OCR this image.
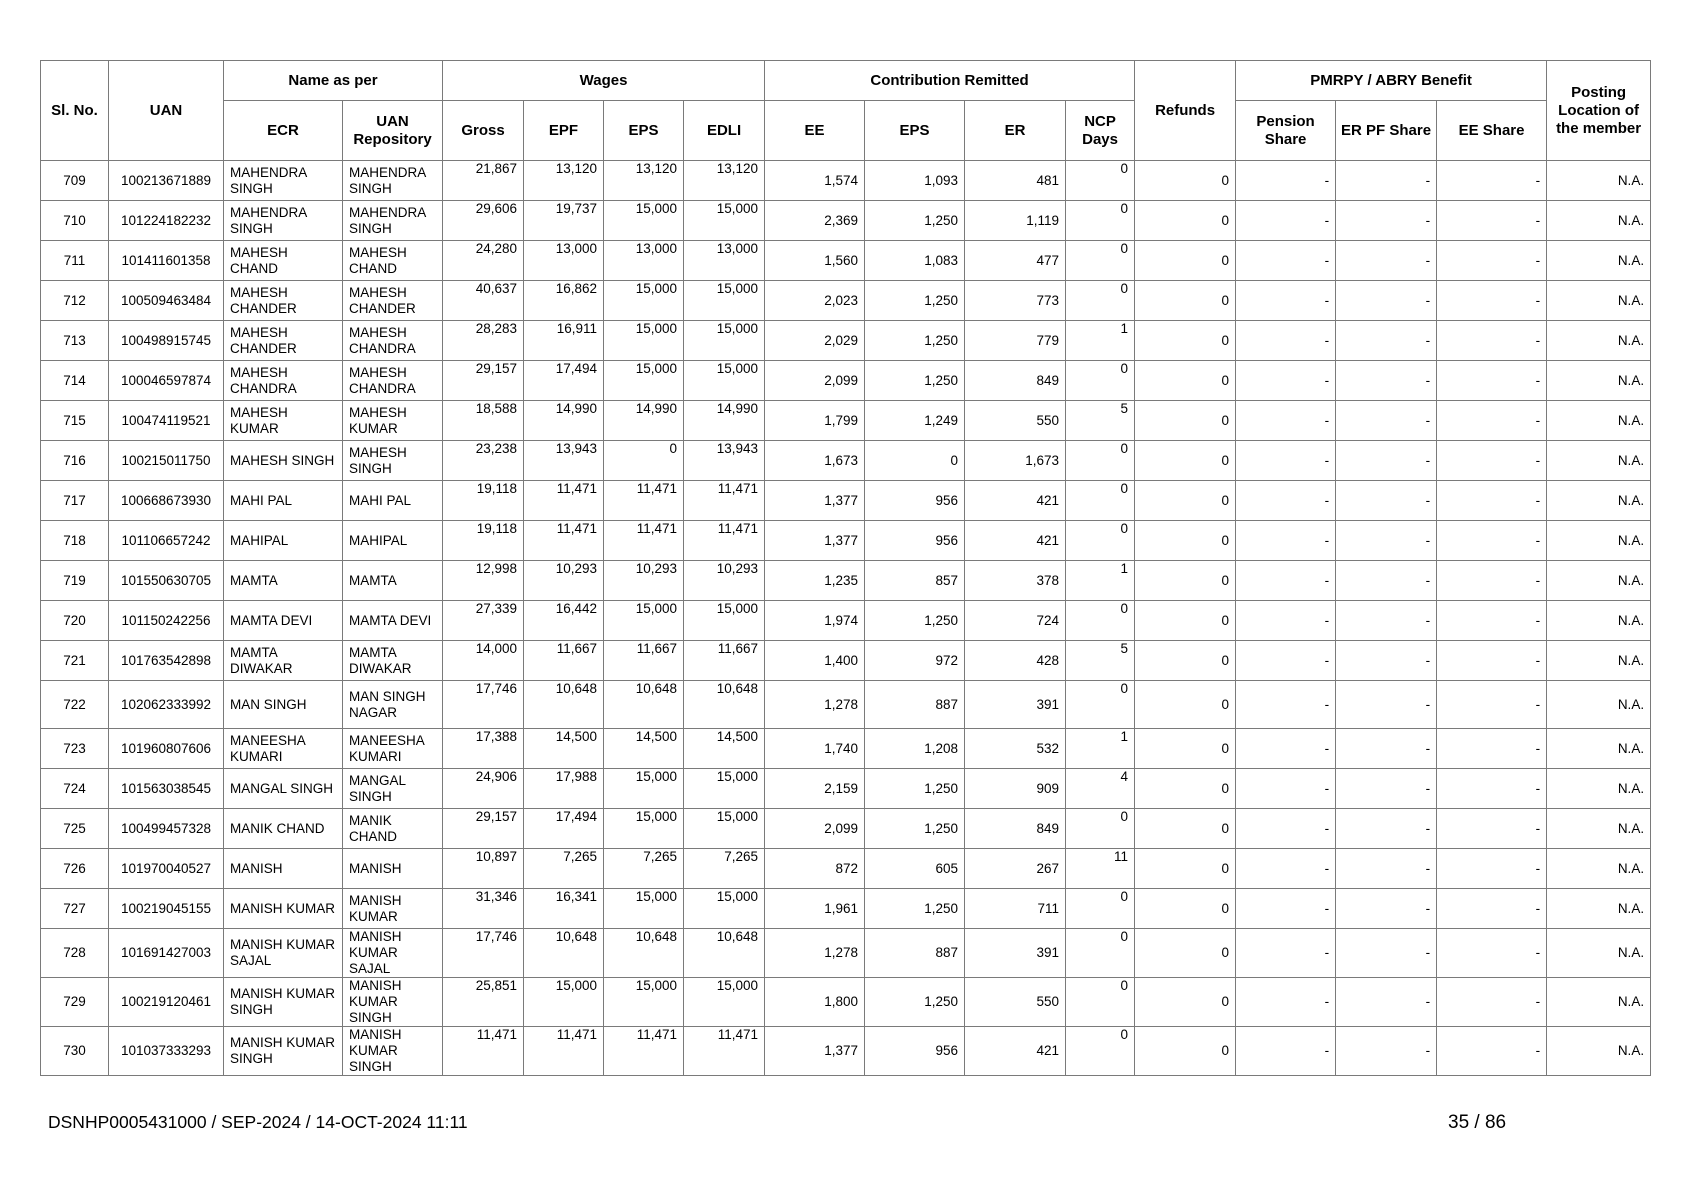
Sl. No.	UAN	Name as per		Wages				Contribution Remitted				Refunds	PMRPY / ABRY Benefit			Posting Location of the member
		ECR	UAN Repository	Gross	EPF	EPS	EDLI	EE	EPS	ER	NCP Days		Pension Share	ER PF Share	EE Share	
709	100213671889	MAHENDRA SINGH	MAHENDRA SINGH	21,867	13,120	13,120	13,120	1,574	1,093	481	0	0	-	-	-	N.A.
710	101224182232	MAHENDRA SINGH	MAHENDRA SINGH	29,606	19,737	15,000	15,000	2,369	1,250	1,119	0	0	-	-	-	N.A.
711	101411601358	MAHESH CHAND	MAHESH CHAND	24,280	13,000	13,000	13,000	1,560	1,083	477	0	0	-	-	-	N.A.
712	100509463484	MAHESH CHANDER	MAHESH CHANDER	40,637	16,862	15,000	15,000	2,023	1,250	773	0	0	-	-	-	N.A.
713	100498915745	MAHESH CHANDER	MAHESH CHANDRA	28,283	16,911	15,000	15,000	2,029	1,250	779	1	0	-	-	-	N.A.
714	100046597874	MAHESH CHANDRA	MAHESH CHANDRA	29,157	17,494	15,000	15,000	2,099	1,250	849	0	0	-	-	-	N.A.
715	100474119521	MAHESH KUMAR	MAHESH KUMAR	18,588	14,990	14,990	14,990	1,799	1,249	550	5	0	-	-	-	N.A.
716	100215011750	MAHESH SINGH	MAHESH SINGH	23,238	13,943	0	13,943	1,673	0	1,673	0	0	-	-	-	N.A.
717	100668673930	MAHI PAL	MAHI PAL	19,118	11,471	11,471	11,471	1,377	956	421	0	0	-	-	-	N.A.
718	101106657242	MAHIPAL	MAHIPAL	19,118	11,471	11,471	11,471	1,377	956	421	0	0	-	-	-	N.A.
719	101550630705	MAMTA	MAMTA	12,998	10,293	10,293	10,293	1,235	857	378	1	0	-	-	-	N.A.
720	101150242256	MAMTA DEVI	MAMTA DEVI	27,339	16,442	15,000	15,000	1,974	1,250	724	0	0	-	-	-	N.A.
721	101763542898	MAMTA DIWAKAR	MAMTA DIWAKAR	14,000	11,667	11,667	11,667	1,400	972	428	5	0	-	-	-	N.A.
722	102062333992	MAN SINGH	MAN SINGH NAGAR	17,746	10,648	10,648	10,648	1,278	887	391	0	0	-	-	-	N.A.
723	101960807606	MANEESHA KUMARI	MANEESHA KUMARI	17,388	14,500	14,500	14,500	1,740	1,208	532	1	0	-	-	-	N.A.
724	101563038545	MANGAL SINGH	MANGAL SINGH	24,906	17,988	15,000	15,000	2,159	1,250	909	4	0	-	-	-	N.A.
725	100499457328	MANIK CHAND	MANIK CHAND	29,157	17,494	15,000	15,000	2,099	1,250	849	0	0	-	-	-	N.A.
726	101970040527	MANISH	MANISH	10,897	7,265	7,265	7,265	872	605	267	11	0	-	-	-	N.A.
727	100219045155	MANISH KUMAR	MANISH KUMAR	31,346	16,341	15,000	15,000	1,961	1,250	711	0	0	-	-	-	N.A.
728	101691427003	MANISH KUMAR SAJAL	MANISH KUMAR SAJAL	17,746	10,648	10,648	10,648	1,278	887	391	0	0	-	-	-	N.A.
729	100219120461	MANISH KUMAR SINGH	MANISH KUMAR SINGH	25,851	15,000	15,000	15,000	1,800	1,250	550	0	0	-	-	-	N.A.
730	101037333293	MANISH KUMAR SINGH	MANISH KUMAR SINGH	11,471	11,471	11,471	11,471	1,377	956	421	0	0	-	-	-	N.A.
DSNHP0005431000 / SEP-2024 / 14-OCT-2024 11:11	35 / 86
